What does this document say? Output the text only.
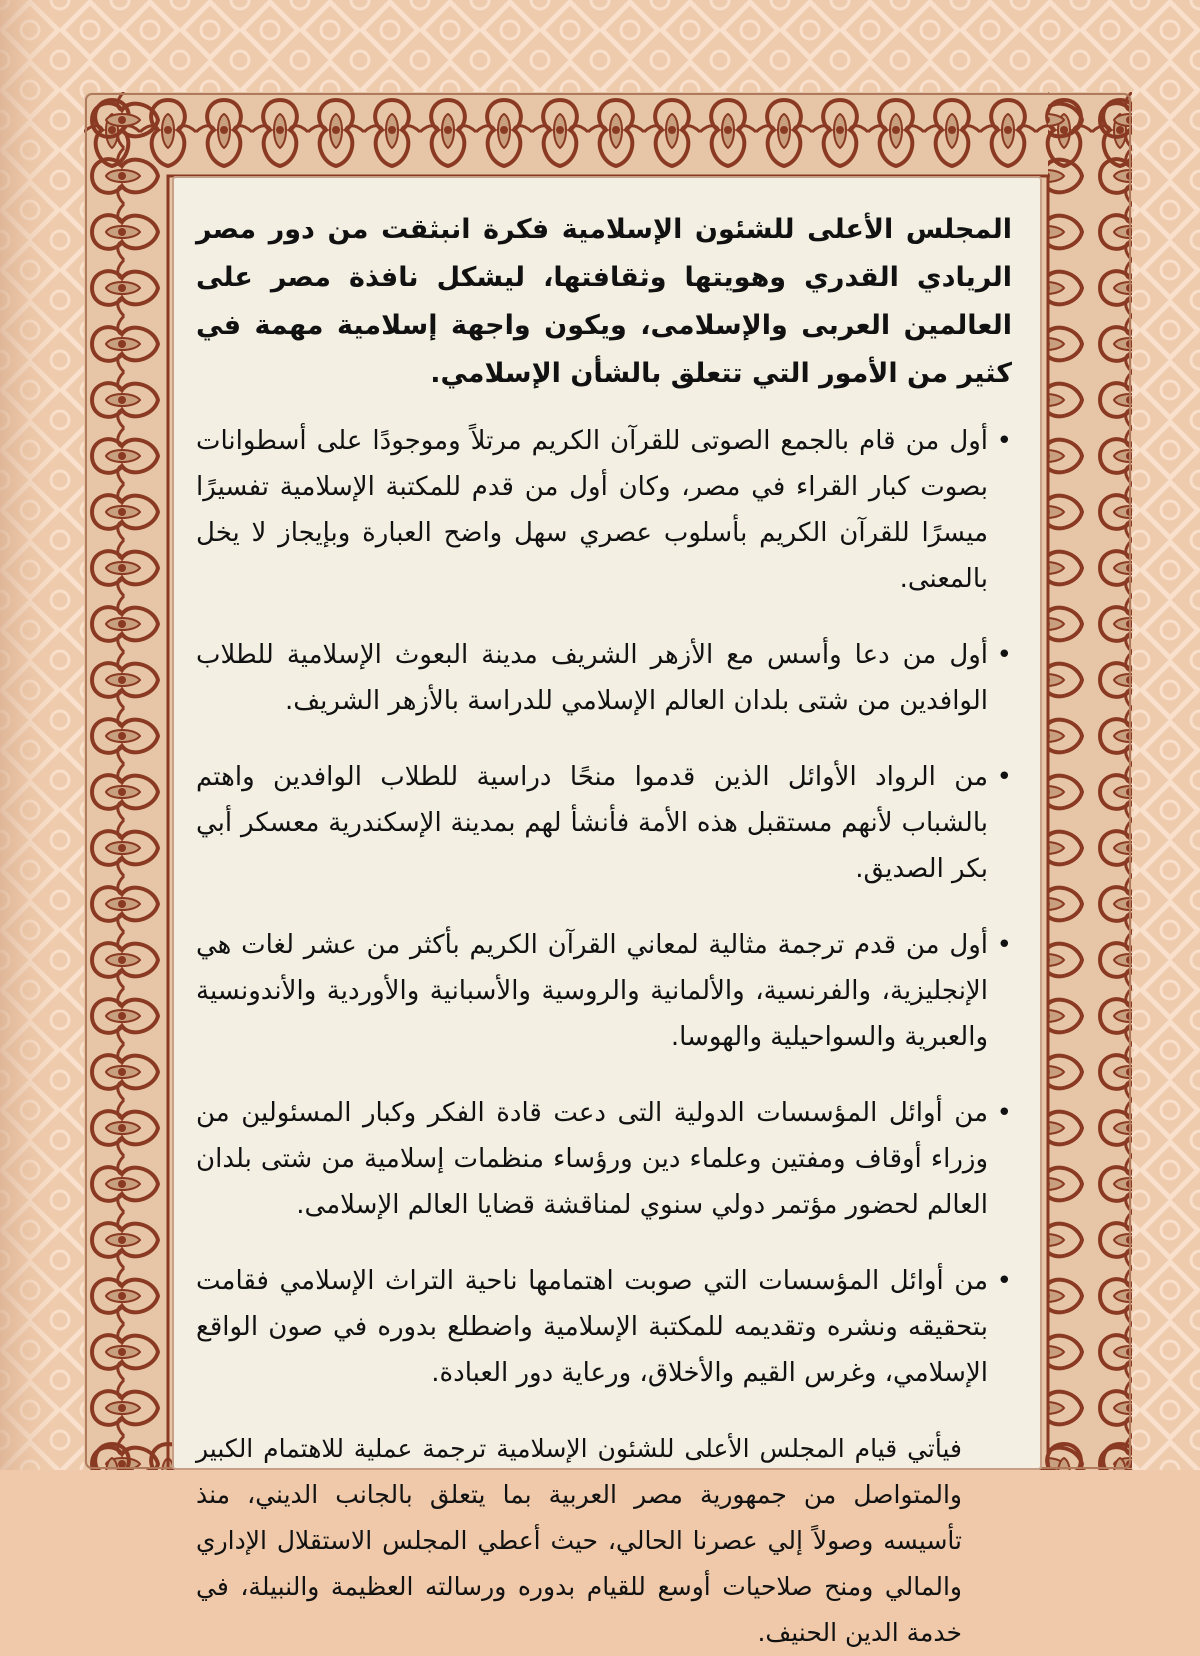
المجلس الأعلى للشئون الإسلامية فكرة انبثقت من دور مصر الريادي القدري وهويتها وثقافتها، ليشكل نافذة مصر على العالمين العربى والإسلامى، ويكون واجهة إسلامية مهمة في كثير من الأمور التي تتعلق بالشأن الإسلامي.

•
أول من قام بالجمع الصوتى للقرآن الكريم مرتلاً وموجودًا على أسطوانات بصوت كبار القراء في مصر، وكان أول من قدم للمكتبة الإسلامية تفسيرًا ميسرًا للقرآن الكريم بأسلوب عصري سهل واضح العبارة وبإيجاز لا يخل بالمعنى.
•
أول من دعا وأسس مع الأزهر الشريف مدينة البعوث الإسلامية للطلاب الوافدين من شتى بلدان العالم الإسلامي للدراسة بالأزهر الشريف.
•
من الرواد الأوائل الذين قدموا منحًا دراسية للطلاب الوافدين واهتم بالشباب لأنهم مستقبل هذه الأمة فأنشأ لهم بمدينة الإسكندرية معسكر أبي بكر الصديق.
•
أول من قدم ترجمة مثالية لمعاني القرآن الكريم بأكثر من عشر لغات هي الإنجليزية، والفرنسية، والألمانية والروسية والأسبانية والأوردية والأندونسية والعبرية والسواحيلية والهوسا.
•
من أوائل المؤسسات الدولية التى دعت قادة الفكر وكبار المسئولين من وزراء أوقاف ومفتين وعلماء دين ورؤساء منظمات إسلامية من شتى بلدان العالم لحضور مؤتمر دولي سنوي لمناقشة قضايا العالم الإسلامى.
•
من أوائل المؤسسات التي صوبت اهتمامها ناحية التراث الإسلامي فقامت بتحقيقه ونشره وتقديمه للمكتبة الإسلامية واضطلع بدوره في صون الواقع الإسلامي، وغرس القيم والأخلاق، ورعاية دور العبادة.

فيأتي قيام المجلس الأعلى للشئون الإسلامية ترجمة عملية للاهتمام الكبير والمتواصل من جمهورية مصر العربية بما يتعلق بالجانب الديني، منذ تأسيسه وصولاً إلي عصرنا الحالي، حيث أعطي المجلس الاستقلال الإداري والمالي ومنح صلاحيات أوسع للقيام بدوره ورسالته العظيمة والنبيلة، في خدمة الدين الحنيف.
